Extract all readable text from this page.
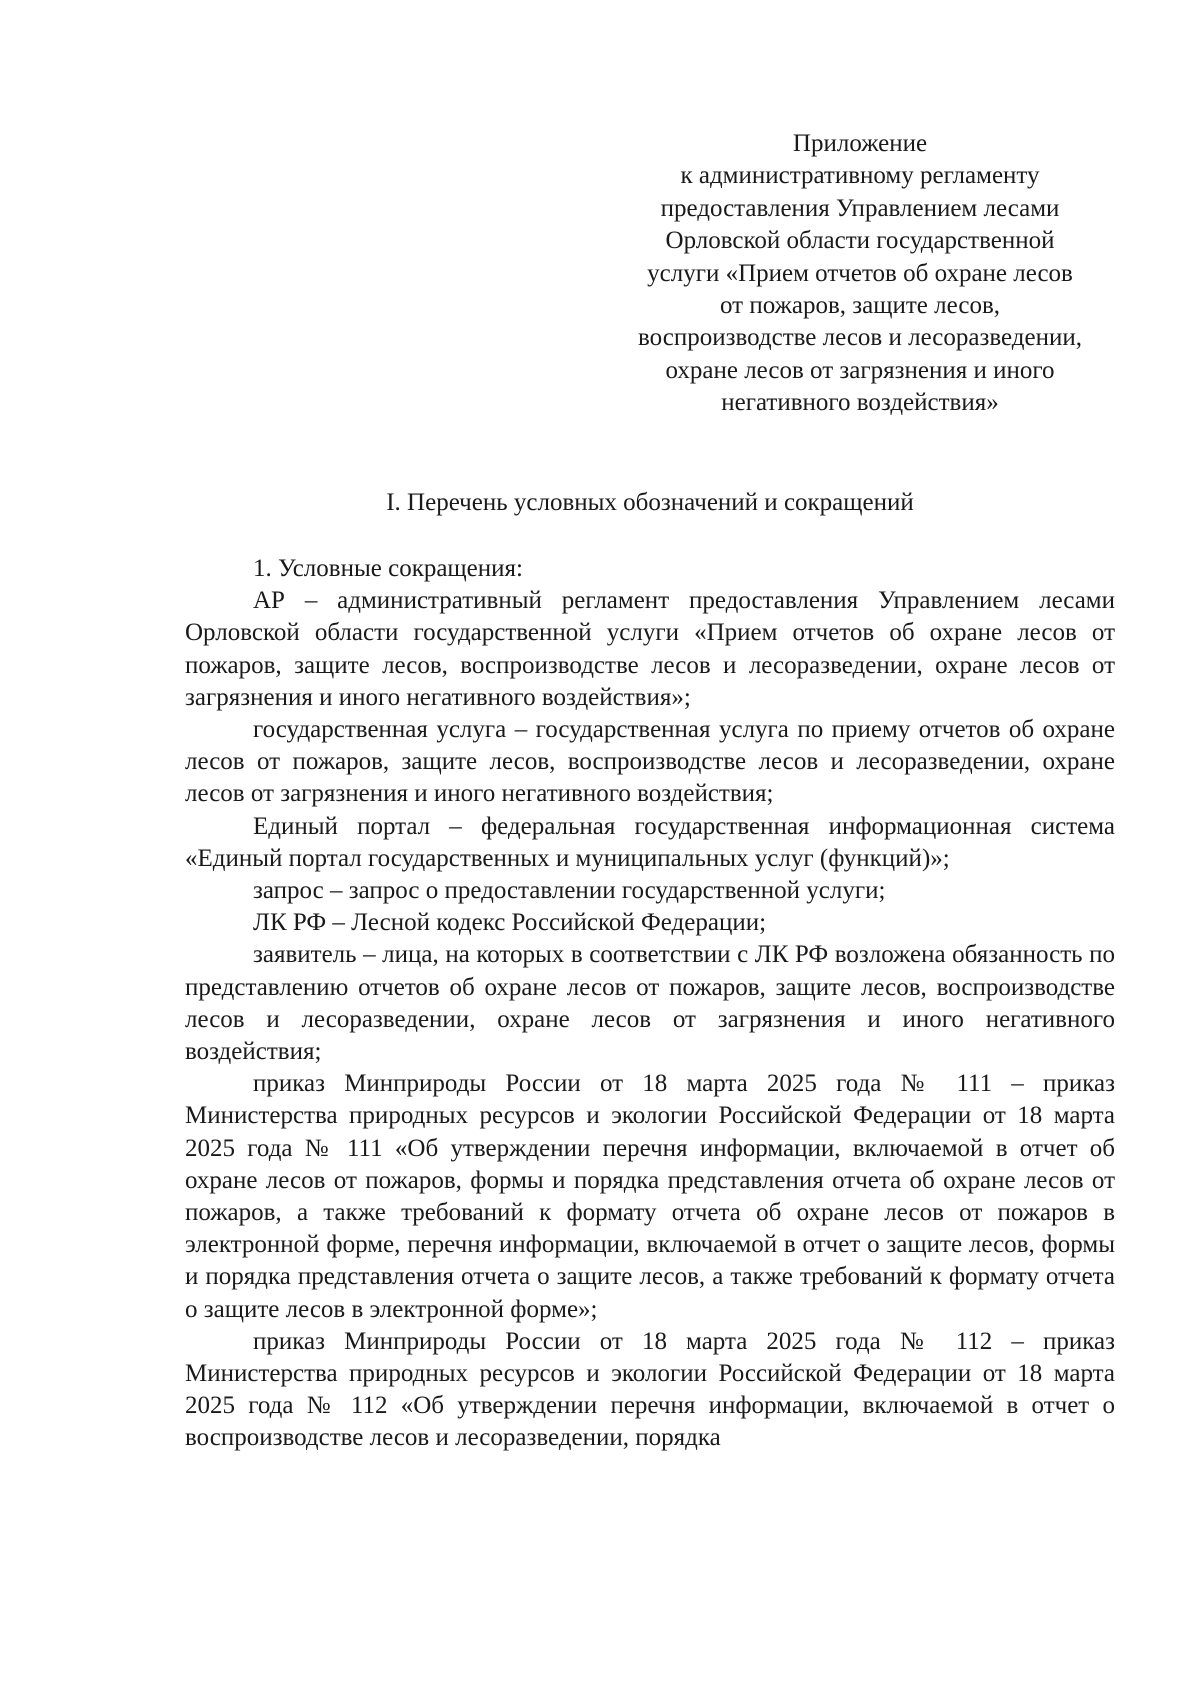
Приложение
к административному регламенту
предоставления Управлением лесами
Орловской области государственной
услуги «Прием отчетов об охране лесов
от пожаров, защите лесов,
воспроизводстве лесов и лесоразведении,
охране лесов от загрязнения и иного
негативного воздействия»
I. Перечень условных обозначений и сокращений

1. Условные сокращения:

АР – административный регламент предоставления Управлением лесами Орловской области государственной услуги «Прием отчетов об охране лесов от пожаров, защите лесов, воспроизводстве лесов и лесоразведении, охране лесов от загрязнения и иного негативного воздействия»;

государственная услуга – государственная услуга по приему отчетов об охране лесов от пожаров, защите лесов, воспроизводстве лесов и лесоразведении, охране лесов от загрязнения и иного негативного воздействия;

Единый портал – федеральная государственная информационная система «Единый портал государственных и муниципальных услуг (функций)»;

запрос – запрос о предоставлении государственной услуги;

ЛК РФ – Лесной кодекс Российской Федерации;

заявитель – лица, на которых в соответствии с ЛК РФ возложена обязанность по представлению отчетов об охране лесов от пожаров, защите лесов, воспроизводстве лесов и лесоразведении, охране лесов от загрязнения и иного негативного воздействия;

приказ Минприроды России от 18 марта 2025 года № 111 – приказ Министерства природных ресурсов и экологии Российской Федерации от 18 марта 2025 года № 111 «Об утверждении перечня информации, включаемой в отчет об охране лесов от пожаров, формы и порядка представления отчета об охране лесов от пожаров, а также требований к формату отчета об охране лесов от пожаров в электронной форме, перечня информации, включаемой в отчет о защите лесов, формы и порядка представления отчета о защите лесов, а также требований к формату отчета о защите лесов в электронной форме»;

приказ Минприроды России от 18 марта 2025 года № 112 – приказ Министерства природных ресурсов и экологии Российской Федерации от 18 марта 2025 года № 112 «Об утверждении перечня информации, включаемой в отчет о воспроизводстве лесов и лесоразведении, порядка
